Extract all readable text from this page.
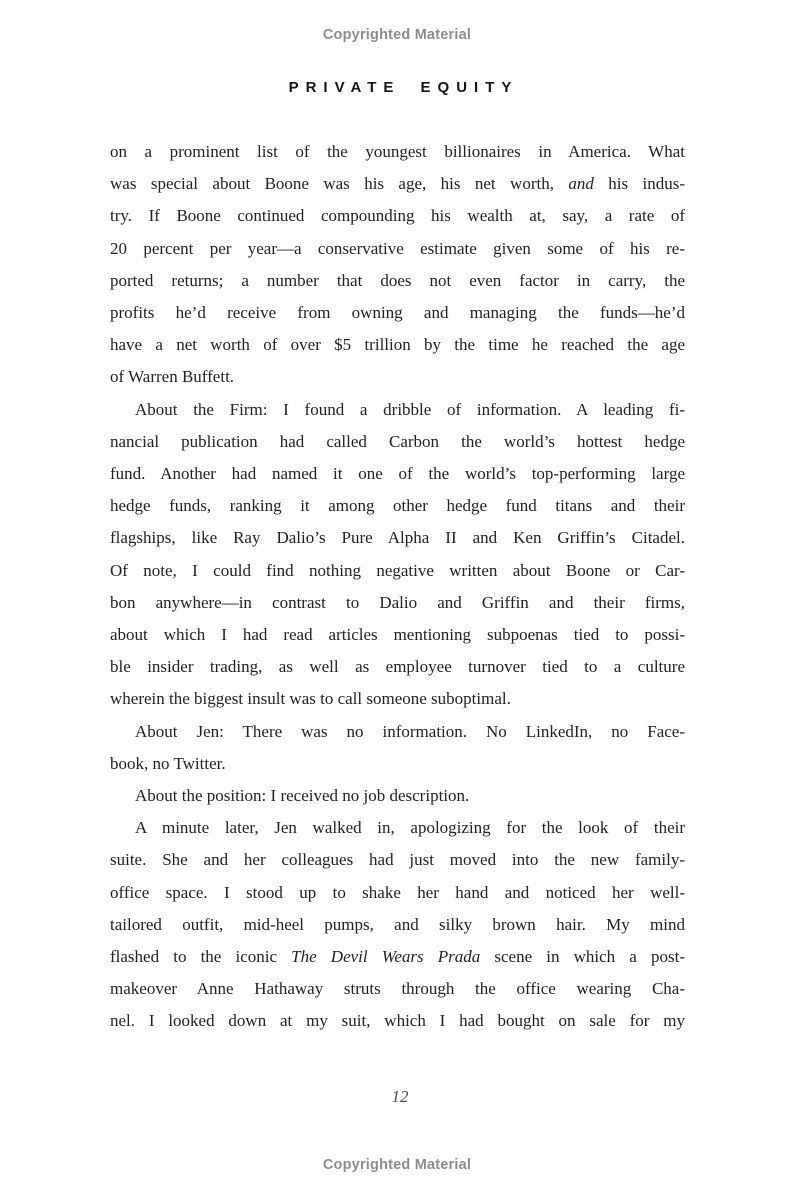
Copyrighted Material
PRIVATE EQUITY
on a prominent list of the youngest billionaires in America. What
was special about Boone was his age, his net worth, and his indus-
try. If Boone continued compounding his wealth at, say, a rate of
20 percent per year—a conservative estimate given some of his re-
ported returns; a number that does not even factor in carry, the
profits he’d receive from owning and managing the funds—he’d
have a net worth of over $5 trillion by the time he reached the age
of Warren Buffett.
About the Firm: I found a dribble of information. A leading fi-
nancial publication had called Carbon the world’s hottest hedge
fund. Another had named it one of the world’s top-performing large
hedge funds, ranking it among other hedge fund titans and their
flagships, like Ray Dalio’s Pure Alpha II and Ken Griffin’s Citadel.
Of note, I could find nothing negative written about Boone or Car-
bon anywhere—in contrast to Dalio and Griffin and their firms,
about which I had read articles mentioning subpoenas tied to possi-
ble insider trading, as well as employee turnover tied to a culture
wherein the biggest insult was to call someone suboptimal.
About Jen: There was no information. No LinkedIn, no Face-
book, no Twitter.
About the position: I received no job description.
A minute later, Jen walked in, apologizing for the look of their
suite. She and her colleagues had just moved into the new family-
office space. I stood up to shake her hand and noticed her well-
tailored outfit, mid-heel pumps, and silky brown hair. My mind
flashed to the iconic The Devil Wears Prada scene in which a post-
makeover Anne Hathaway struts through the office wearing Cha-
nel. I looked down at my suit, which I had bought on sale for my
12
Copyrighted Material
